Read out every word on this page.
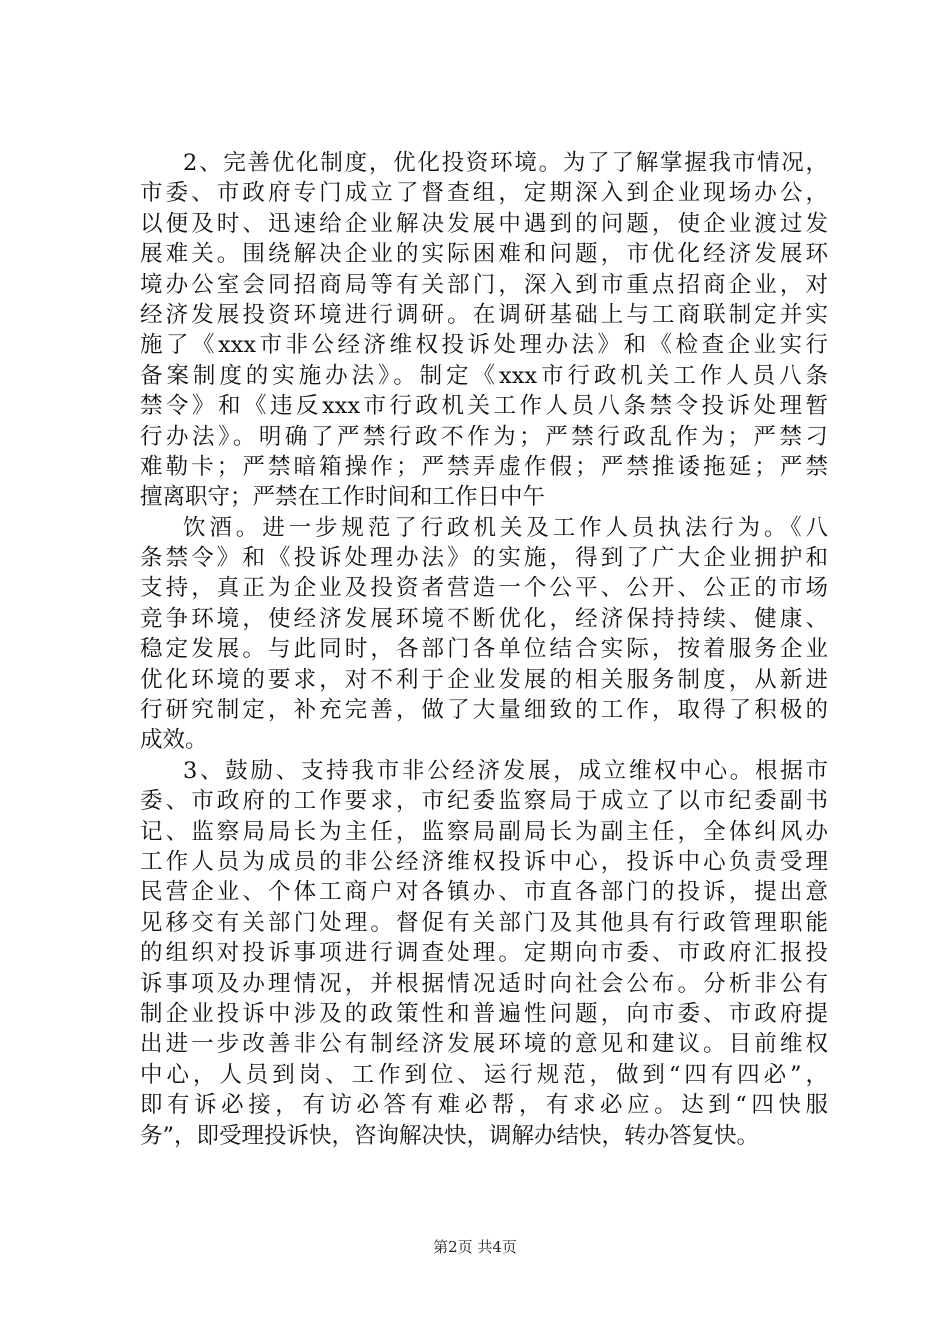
2、完善优化制度，优化投资环境。为了了解掌握我市情况，
市委、市政府专门成立了督查组，定期深入到企业现场办公，
以便及时、迅速给企业解决发展中遇到的问题，使企业渡过发
展难关。围绕解决企业的实际困难和问题，市优化经济发展环
境办公室会同招商局等有关部门，深入到市重点招商企业，对
经济发展投资环境进行调研。在调研基础上与工商联制定并实
施了《xxx市非公经济维权投诉处理办法》和《检查企业实行
备案制度的实施办法》。制定《xxx市行政机关工作人员八条
禁令》和《违反xxx市行政机关工作人员八条禁令投诉处理暂
行办法》。明确了严禁行政不作为；严禁行政乱作为；严禁刁
难勒卡；严禁暗箱操作；严禁弄虚作假；严禁推诿拖延；严禁
擅离职守；严禁在工作时间和工作日中午
饮酒。进一步规范了行政机关及工作人员执法行为。《八
条禁令》和《投诉处理办法》的实施，得到了广大企业拥护和
支持，真正为企业及投资者营造一个公平、公开、公正的市场
竞争环境，使经济发展环境不断优化，经济保持持续、健康、
稳定发展。与此同时，各部门各单位结合实际，按着服务企业
优化环境的要求，对不利于企业发展的相关服务制度，从新进
行研究制定，补充完善，做了大量细致的工作，取得了积极的
成效。
3、鼓励、支持我市非公经济发展，成立维权中心。根据市
委、市政府的工作要求，市纪委监察局于成立了以市纪委副书
记、监察局局长为主任，监察局副局长为副主任，全体纠风办
工作人员为成员的非公经济维权投诉中心，投诉中心负责受理
民营企业、个体工商户对各镇办、市直各部门的投诉，提出意
见移交有关部门处理。督促有关部门及其他具有行政管理职能
的组织对投诉事项进行调查处理。定期向市委、市政府汇报投
诉事项及办理情况，并根据情况适时向社会公布。分析非公有
制企业投诉中涉及的政策性和普遍性问题，向市委、市政府提
出进一步改善非公有制经济发展环境的意见和建议。目前维权
中心，人员到岗、工作到位、运行规范，做到“四有四必”，
即有诉必接，有访必答有难必帮，有求必应。达到“四快服
务”，即受理投诉快，咨询解决快，调解办结快，转办答复快。
第2页 共4页
